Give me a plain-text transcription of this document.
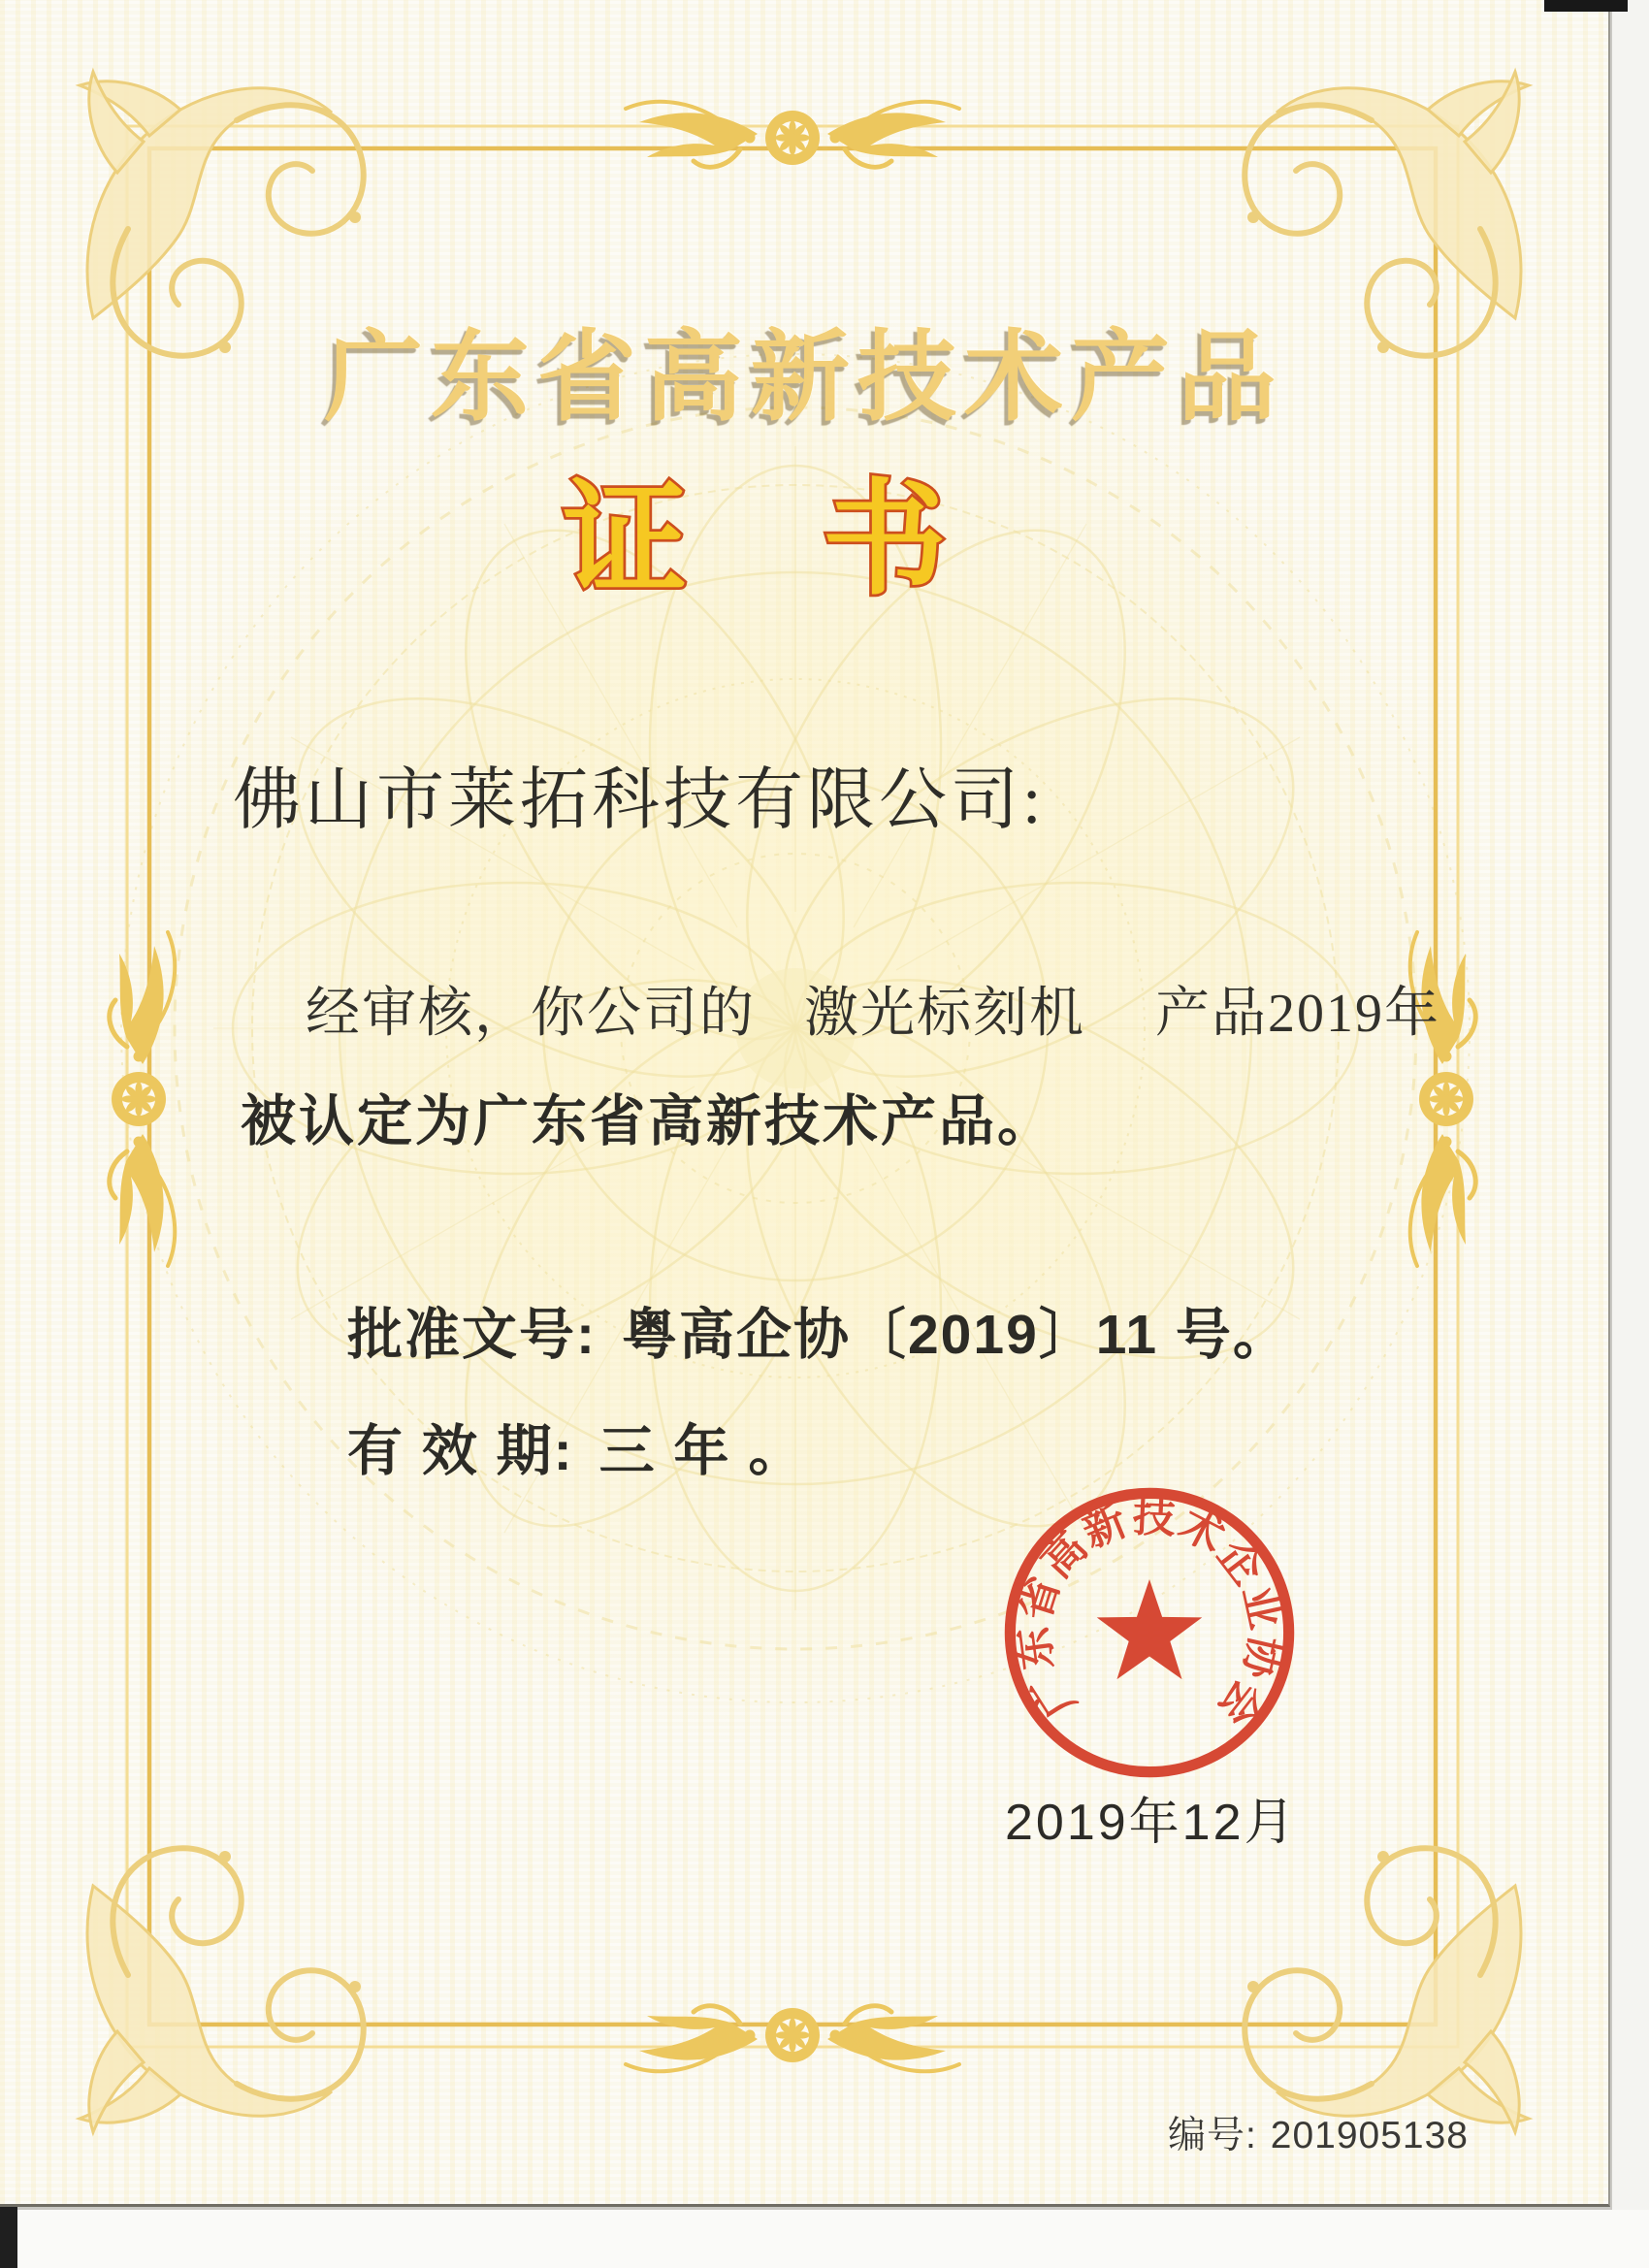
广东省高新技术产品
证 书
佛山市莱拓科技有限公司:
经审核，你公司的 激光标刻机 产品2019年
被认定为广东省高新技术产品。
批准文号: 粤高企协〔2019〕11 号。
有 效 期: 三 年 。
广东省高新技术企业协会
2019年12月
编号: 201905138
